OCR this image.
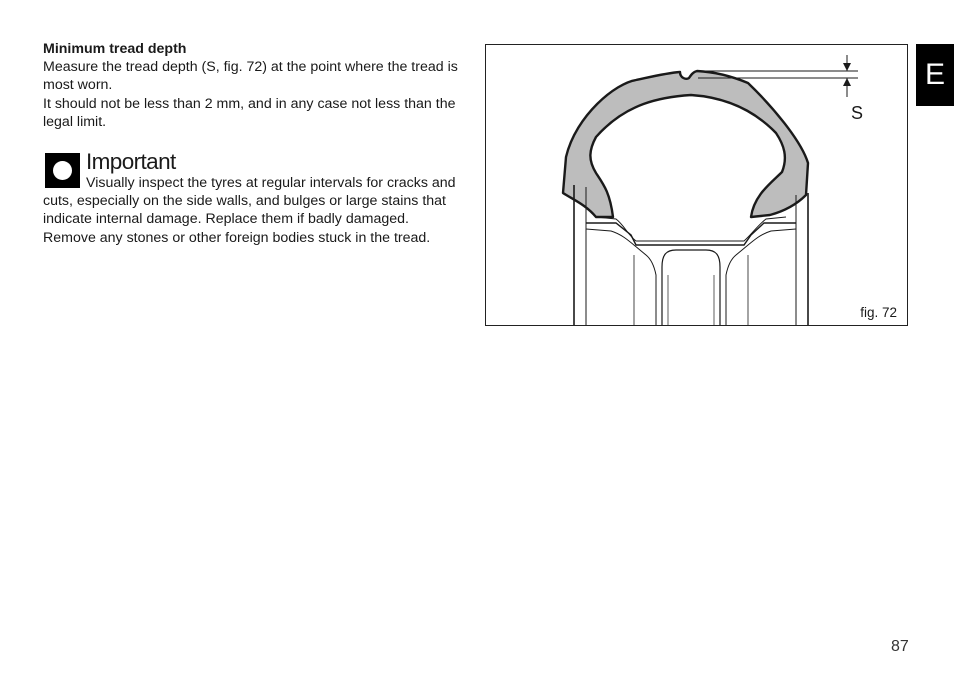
Minimum tread depth

Measure the tread depth (S, fig. 72) at the point where the tread is most worn.

It should not be less than 2 mm, and in any case not less than the legal limit.

Important

Visually inspect the tyres at regular intervals for cracks and cuts, especially on the side walls, and bulges or large stains that indicate internal damage. Replace them if badly damaged.

Remove any stones or other foreign bodies stuck in the tread.

S
fig. 72
E
87
